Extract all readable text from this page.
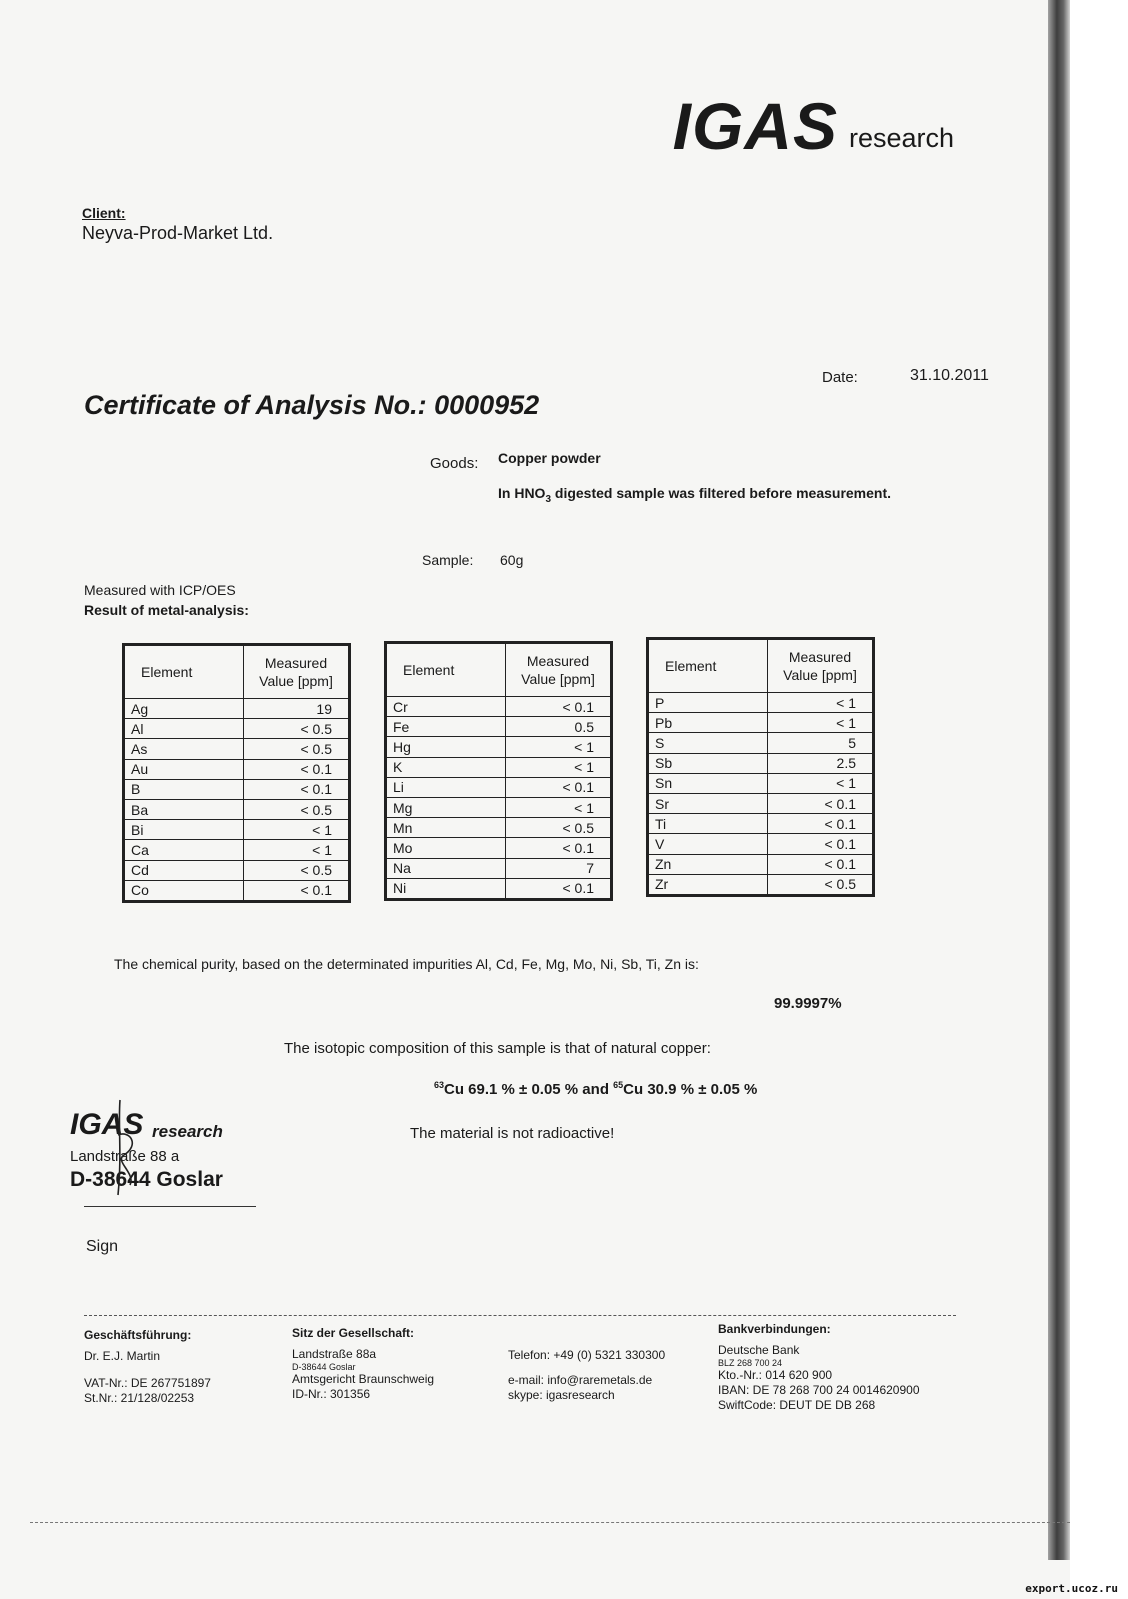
IGAS research
Client:
Neyva-Prod-Market Ltd.
Date:	31.10.2011
Certificate of Analysis No.: 0000952
Goods: Copper powder
In $HNO_3$ digested sample was filtered before measurement.
Sample: 60g
Measured with ICP/OES
Result of metal-analysis:
Element	Measured
Value [ppm]
Ag	19
Al	< 0.5
As	< 0.5
Au	< 0.1
B	< 0.1
Ba	< 0.5
Bi	< 1
Ca	< 1
Cd	< 0.5
Co	< 0.1
Element	Measured
Value [ppm]
Cr	< 0.1
Fe	0.5
Hg	< 1
K	< 1
Li	< 0.1
Mg	< 1
Mn	< 0.5
Mo	< 0.1
Na	7
Ni	< 0.1
Element	Measured
Value [ppm]
P	< 1
Pb	< 1
S	5
Sb	2.5
Sn	< 1
Sr	< 0.1
Ti	< 0.1
V	< 0.1
Zn	< 0.1
Zr	< 0.5
The chemical purity, based on the determinated impurities Al, Cd, Fe, Mg, Mo, Ni, Sb, Ti, Zn is:
99.9997%
The isotopic composition of this sample is that of natural copper:
$^{63}$Cu 69.1 % ± 0.05 % and $^{65}$Cu 30.9 % ± 0.05 %
The material is not radioactive!
IGAS research
Landstraße 88 a
D-38644 Goslar
Sign
Geschäftsführung:
Dr. E.J. Martin
VAT-Nr.: DE 267751897
St.Nr.: 21/128/02253
Sitz der Gesellschaft:
Landstraße 88a
D-38644 Goslar
Amtsgericht Braunschweig
ID-Nr.: 301356
Telefon: +49 (0) 5321 330300
e-mail: info@raremetals.de
skype: igasresearch
Bankverbindungen:
Deutsche Bank
BLZ 268 700 24
Kto.-Nr.: 014 620 900
IBAN: DE 78 268 700 24 0014620900
SwiftCode: DEUT DE DB 268
export.ucoz.ru
